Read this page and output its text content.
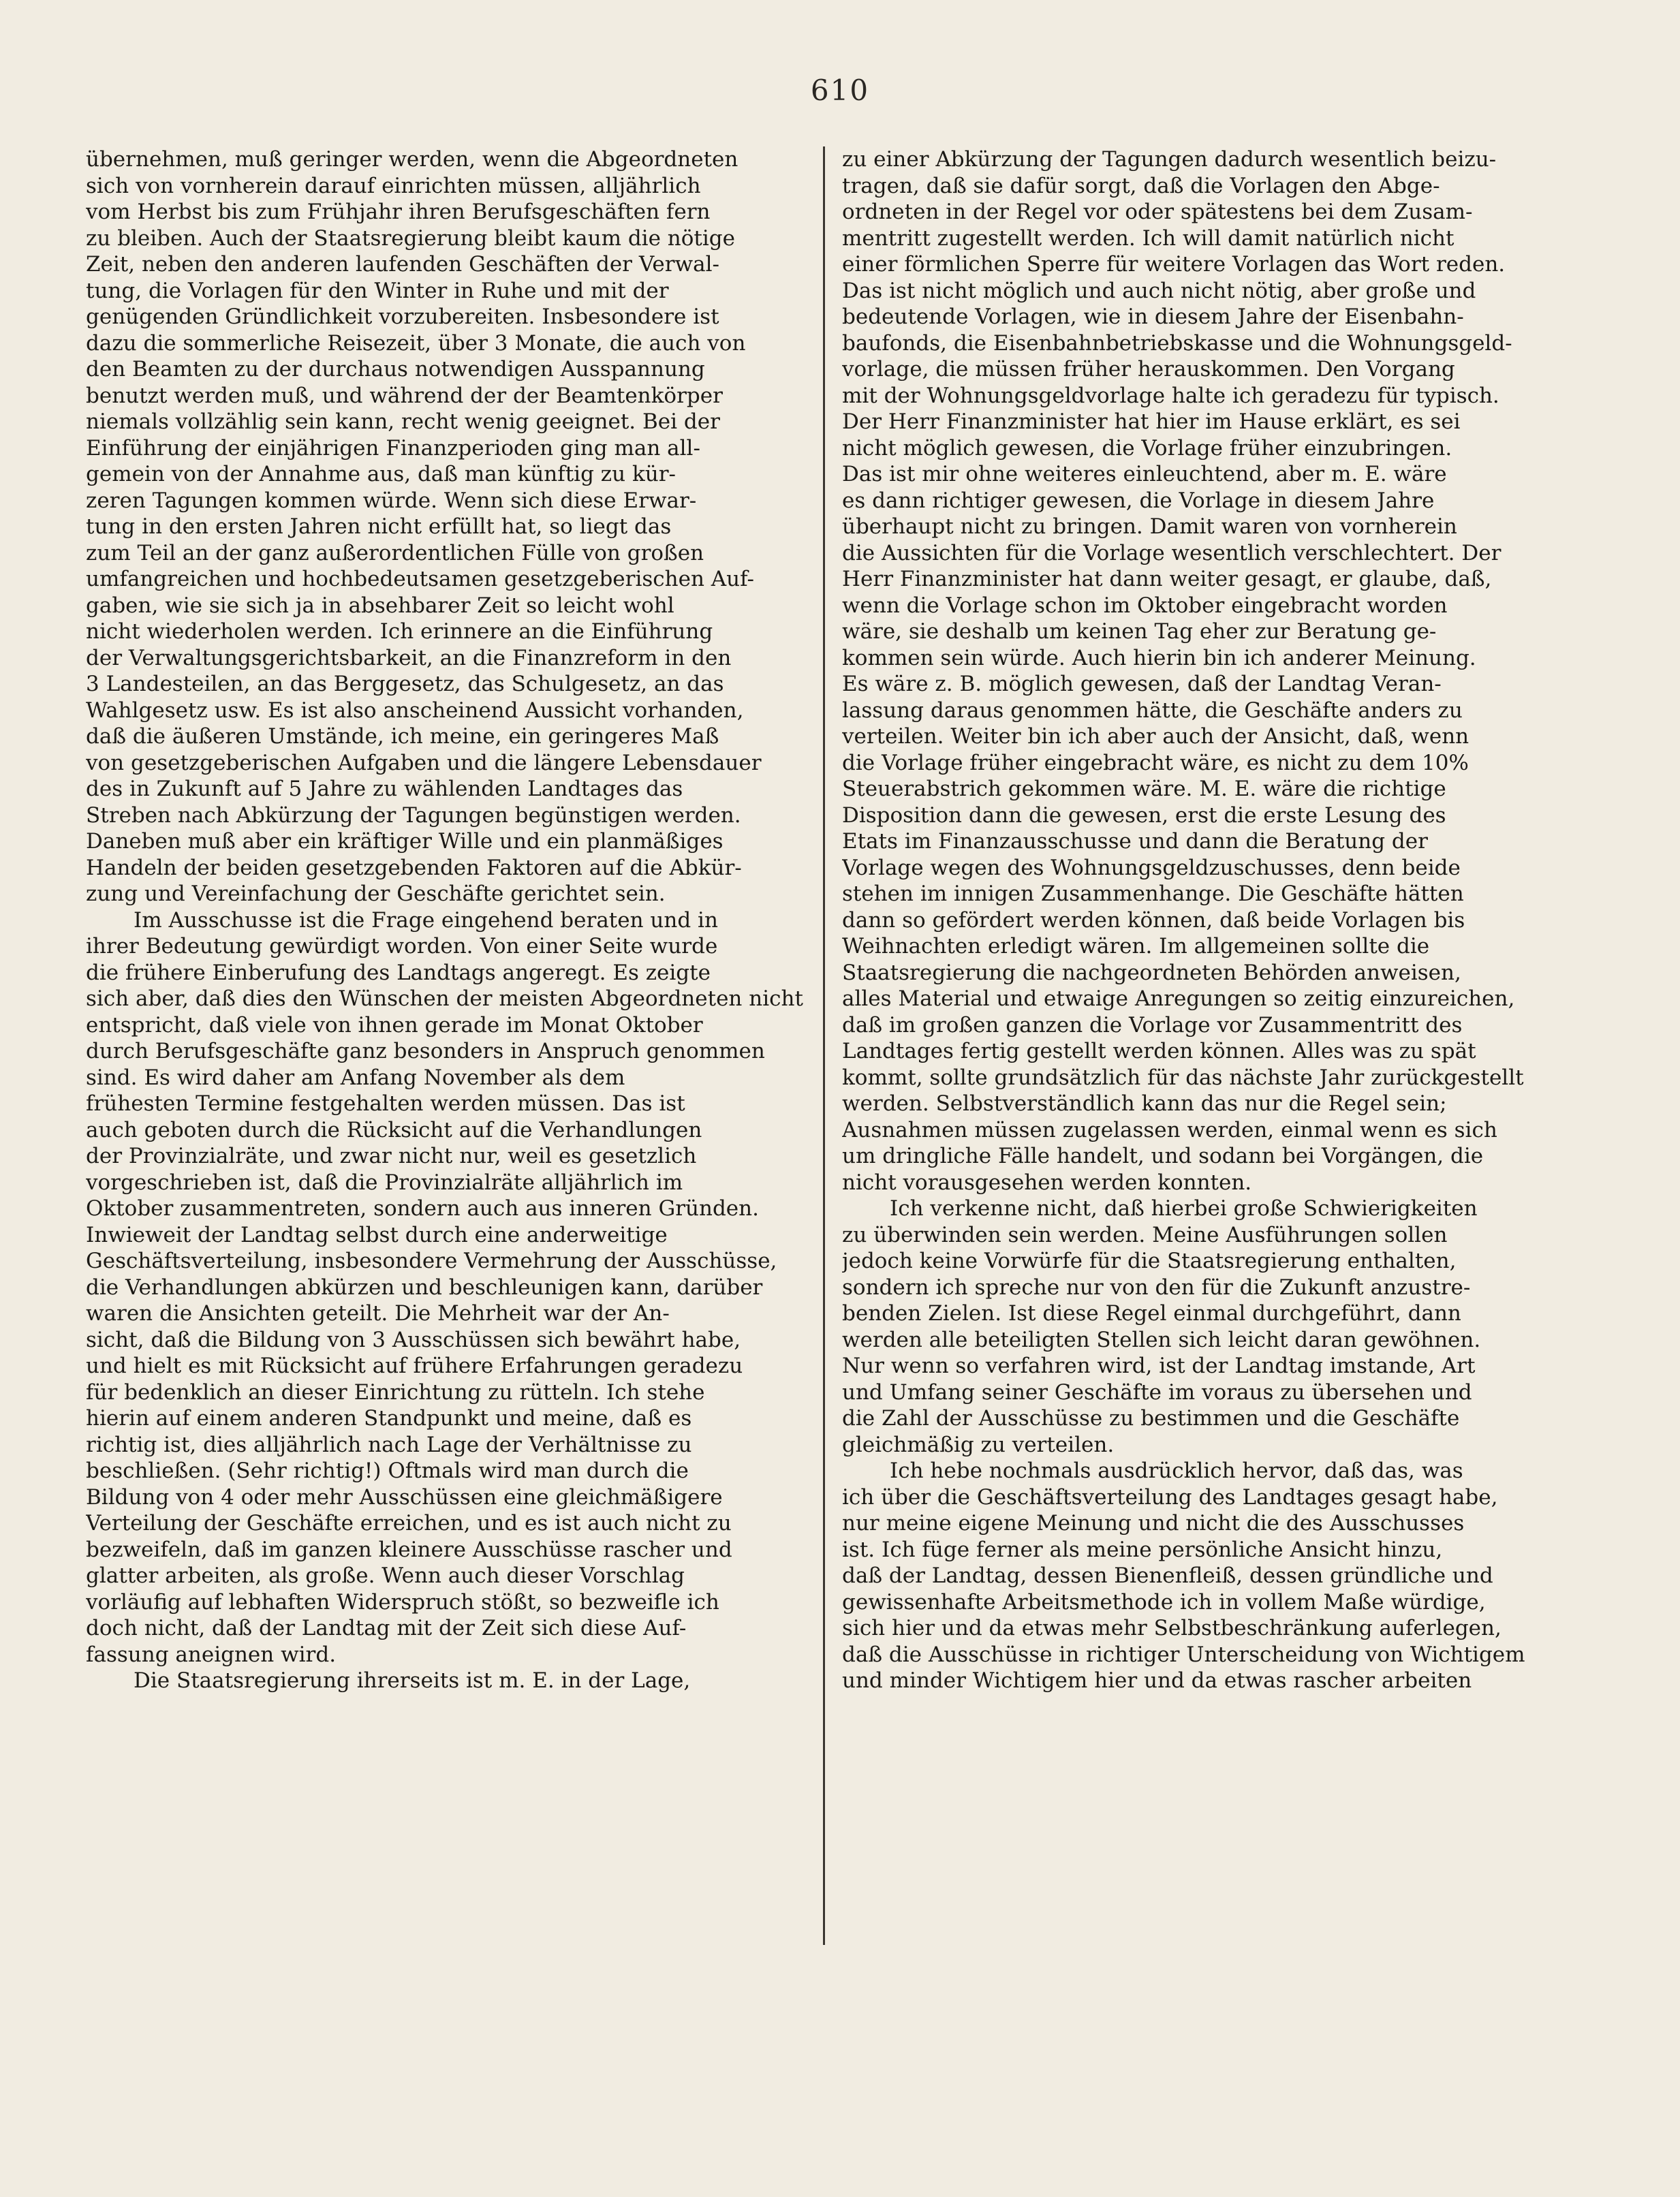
610
übernehmen, muß geringer werden, wenn die Abgeordneten
sich von vornherein darauf einrichten müssen, alljährlich
vom Herbst bis zum Frühjahr ihren Berufsgeschäften fern
zu bleiben. Auch der Staatsregierung bleibt kaum die nötige
Zeit, neben den anderen laufenden Geschäften der Verwal-
tung, die Vorlagen für den Winter in Ruhe und mit der
genügenden Gründlichkeit vorzubereiten. Insbesondere ist
dazu die sommerliche Reisezeit, über 3 Monate, die auch von
den Beamten zu der durchaus notwendigen Ausspannung
benutzt werden muß, und während der der Beamtenkörper
niemals vollzählig sein kann, recht wenig geeignet. Bei der
Einführung der einjährigen Finanzperioden ging man all-
gemein von der Annahme aus, daß man künftig zu kür-
zeren Tagungen kommen würde. Wenn sich diese Erwar-
tung in den ersten Jahren nicht erfüllt hat, so liegt das
zum Teil an der ganz außerordentlichen Fülle von großen
umfangreichen und hochbedeutsamen gesetzgeberischen Auf-
gaben, wie sie sich ja in absehbarer Zeit so leicht wohl
nicht wiederholen werden. Ich erinnere an die Einführung
der Verwaltungsgerichtsbarkeit, an die Finanzreform in den
3 Landesteilen, an das Berggesetz, das Schulgesetz, an das
Wahlgesetz usw. Es ist also anscheinend Aussicht vorhanden,
daß die äußeren Umstände, ich meine, ein geringeres Maß
von gesetzgeberischen Aufgaben und die längere Lebensdauer
des in Zukunft auf 5 Jahre zu wählenden Landtages das
Streben nach Abkürzung der Tagungen begünstigen werden.
Daneben muß aber ein kräftiger Wille und ein planmäßiges
Handeln der beiden gesetzgebenden Faktoren auf die Abkür-
zung und Vereinfachung der Geschäfte gerichtet sein.
Im Ausschusse ist die Frage eingehend beraten und in
ihrer Bedeutung gewürdigt worden. Von einer Seite wurde
die frühere Einberufung des Landtags angeregt. Es zeigte
sich aber, daß dies den Wünschen der meisten Abgeordneten nicht
entspricht, daß viele von ihnen gerade im Monat Oktober
durch Berufsgeschäfte ganz besonders in Anspruch genommen
sind. Es wird daher am Anfang November als dem
frühesten Termine festgehalten werden müssen. Das ist
auch geboten durch die Rücksicht auf die Verhandlungen
der Provinzialräte, und zwar nicht nur, weil es gesetzlich
vorgeschrieben ist, daß die Provinzialräte alljährlich im
Oktober zusammentreten, sondern auch aus inneren Gründen.
Inwieweit der Landtag selbst durch eine anderweitige
Geschäftsverteilung, insbesondere Vermehrung der Ausschüsse,
die Verhandlungen abkürzen und beschleunigen kann, darüber
waren die Ansichten geteilt. Die Mehrheit war der An-
sicht, daß die Bildung von 3 Ausschüssen sich bewährt habe,
und hielt es mit Rücksicht auf frühere Erfahrungen geradezu
für bedenklich an dieser Einrichtung zu rütteln. Ich stehe
hierin auf einem anderen Standpunkt und meine, daß es
richtig ist, dies alljährlich nach Lage der Verhältnisse zu
beschließen. (Sehr richtig!) Oftmals wird man durch die
Bildung von 4 oder mehr Ausschüssen eine gleichmäßigere
Verteilung der Geschäfte erreichen, und es ist auch nicht zu
bezweifeln, daß im ganzen kleinere Ausschüsse rascher und
glatter arbeiten, als große. Wenn auch dieser Vorschlag
vorläufig auf lebhaften Widerspruch stößt, so bezweifle ich
doch nicht, daß der Landtag mit der Zeit sich diese Auf-
fassung aneignen wird.
Die Staatsregierung ihrerseits ist m. E. in der Lage,
zu einer Abkürzung der Tagungen dadurch wesentlich beizu-
tragen, daß sie dafür sorgt, daß die Vorlagen den Abge-
ordneten in der Regel vor oder spätestens bei dem Zusam-
mentritt zugestellt werden. Ich will damit natürlich nicht
einer förmlichen Sperre für weitere Vorlagen das Wort reden.
Das ist nicht möglich und auch nicht nötig, aber große und
bedeutende Vorlagen, wie in diesem Jahre der Eisenbahn-
baufonds, die Eisenbahnbetriebskasse und die Wohnungsgeld-
vorlage, die müssen früher herauskommen. Den Vorgang
mit der Wohnungsgeldvorlage halte ich geradezu für typisch.
Der Herr Finanzminister hat hier im Hause erklärt, es sei
nicht möglich gewesen, die Vorlage früher einzubringen.
Das ist mir ohne weiteres einleuchtend, aber m. E. wäre
es dann richtiger gewesen, die Vorlage in diesem Jahre
überhaupt nicht zu bringen. Damit waren von vornherein
die Aussichten für die Vorlage wesentlich verschlechtert. Der
Herr Finanzminister hat dann weiter gesagt, er glaube, daß,
wenn die Vorlage schon im Oktober eingebracht worden
wäre, sie deshalb um keinen Tag eher zur Beratung ge-
kommen sein würde. Auch hierin bin ich anderer Meinung.
Es wäre z. B. möglich gewesen, daß der Landtag Veran-
lassung daraus genommen hätte, die Geschäfte anders zu
verteilen. Weiter bin ich aber auch der Ansicht, daß, wenn
die Vorlage früher eingebracht wäre, es nicht zu dem 10%
Steuerabstrich gekommen wäre. M. E. wäre die richtige
Disposition dann die gewesen, erst die erste Lesung des
Etats im Finanzausschusse und dann die Beratung der
Vorlage wegen des Wohnungsgeldzuschusses, denn beide
stehen im innigen Zusammenhange. Die Geschäfte hätten
dann so gefördert werden können, daß beide Vorlagen bis
Weihnachten erledigt wären. Im allgemeinen sollte die
Staatsregierung die nachgeordneten Behörden anweisen,
alles Material und etwaige Anregungen so zeitig einzureichen,
daß im großen ganzen die Vorlage vor Zusammentritt des
Landtages fertig gestellt werden können. Alles was zu spät
kommt, sollte grundsätzlich für das nächste Jahr zurückgestellt
werden. Selbstverständlich kann das nur die Regel sein;
Ausnahmen müssen zugelassen werden, einmal wenn es sich
um dringliche Fälle handelt, und sodann bei Vorgängen, die
nicht vorausgesehen werden konnten.
Ich verkenne nicht, daß hierbei große Schwierigkeiten
zu überwinden sein werden. Meine Ausführungen sollen
jedoch keine Vorwürfe für die Staatsregierung enthalten,
sondern ich spreche nur von den für die Zukunft anzustre-
benden Zielen. Ist diese Regel einmal durchgeführt, dann
werden alle beteiligten Stellen sich leicht daran gewöhnen.
Nur wenn so verfahren wird, ist der Landtag imstande, Art
und Umfang seiner Geschäfte im voraus zu übersehen und
die Zahl der Ausschüsse zu bestimmen und die Geschäfte
gleichmäßig zu verteilen.
Ich hebe nochmals ausdrücklich hervor, daß das, was
ich über die Geschäftsverteilung des Landtages gesagt habe,
nur meine eigene Meinung und nicht die des Ausschusses
ist. Ich füge ferner als meine persönliche Ansicht hinzu,
daß der Landtag, dessen Bienenfleiß, dessen gründliche und
gewissenhafte Arbeitsmethode ich in vollem Maße würdige,
sich hier und da etwas mehr Selbstbeschränkung auferlegen,
daß die Ausschüsse in richtiger Unterscheidung von Wichtigem
und minder Wichtigem hier und da etwas rascher arbeiten
